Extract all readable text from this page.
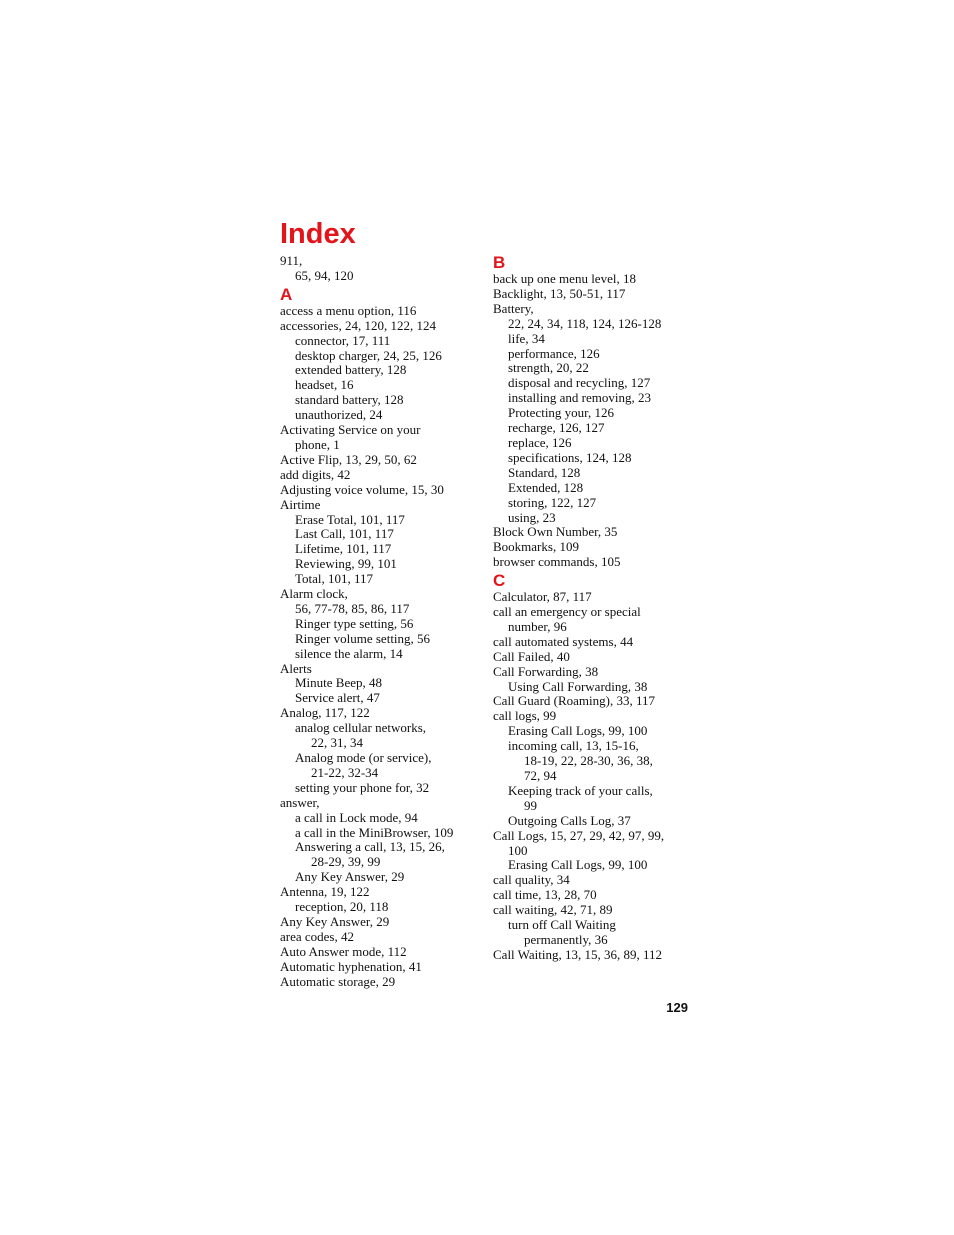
Index
911,
65, 94, 120
A
access a menu option, 116
accessories, 24, 120, 122, 124
connector, 17, 111
desktop charger, 24, 25, 126
extended battery, 128
headset, 16
standard battery, 128
unauthorized, 24
Activating Service on your
phone, 1
Active Flip, 13, 29, 50, 62
add digits, 42
Adjusting voice volume, 15, 30
Airtime
Erase Total, 101, 117
Last Call, 101, 117
Lifetime, 101, 117
Reviewing, 99, 101
Total, 101, 117
Alarm clock,
56, 77-78, 85, 86, 117
Ringer type setting, 56
Ringer volume setting, 56
silence the alarm, 14
Alerts
Minute Beep, 48
Service alert, 47
Analog, 117, 122
analog cellular networks,
22, 31, 34
Analog mode (or service),
21-22, 32-34
setting your phone for, 32
answer,
a call in Lock mode, 94
a call in the MiniBrowser, 109
Answering a call, 13, 15, 26,
28-29, 39, 99
Any Key Answer, 29
Antenna, 19, 122
reception, 20, 118
Any Key Answer, 29
area codes, 42
Auto Answer mode, 112
Automatic hyphenation, 41
Automatic storage, 29
B
back up one menu level, 18
Backlight, 13, 50-51, 117
Battery,
22, 24, 34, 118, 124, 126-128
life, 34
performance, 126
strength, 20, 22
disposal and recycling, 127
installing and removing, 23
Protecting your, 126
recharge, 126, 127
replace, 126
specifications, 124, 128
Standard, 128
Extended, 128
storing, 122, 127
using, 23
Block Own Number, 35
Bookmarks, 109
browser commands, 105
C
Calculator, 87, 117
call an emergency or special
number, 96
call automated systems, 44
Call Failed, 40
Call Forwarding, 38
Using Call Forwarding, 38
Call Guard (Roaming), 33, 117
call logs, 99
Erasing Call Logs, 99, 100
incoming call, 13, 15-16,
18-19, 22, 28-30, 36, 38,
72, 94
Keeping track of your calls,
99
Outgoing Calls Log, 37
Call Logs, 15, 27, 29, 42, 97, 99,
100
Erasing Call Logs, 99, 100
call quality, 34
call time, 13, 28, 70
call waiting, 42, 71, 89
turn off Call Waiting
permanently, 36
Call Waiting, 13, 15, 36, 89, 112
129
